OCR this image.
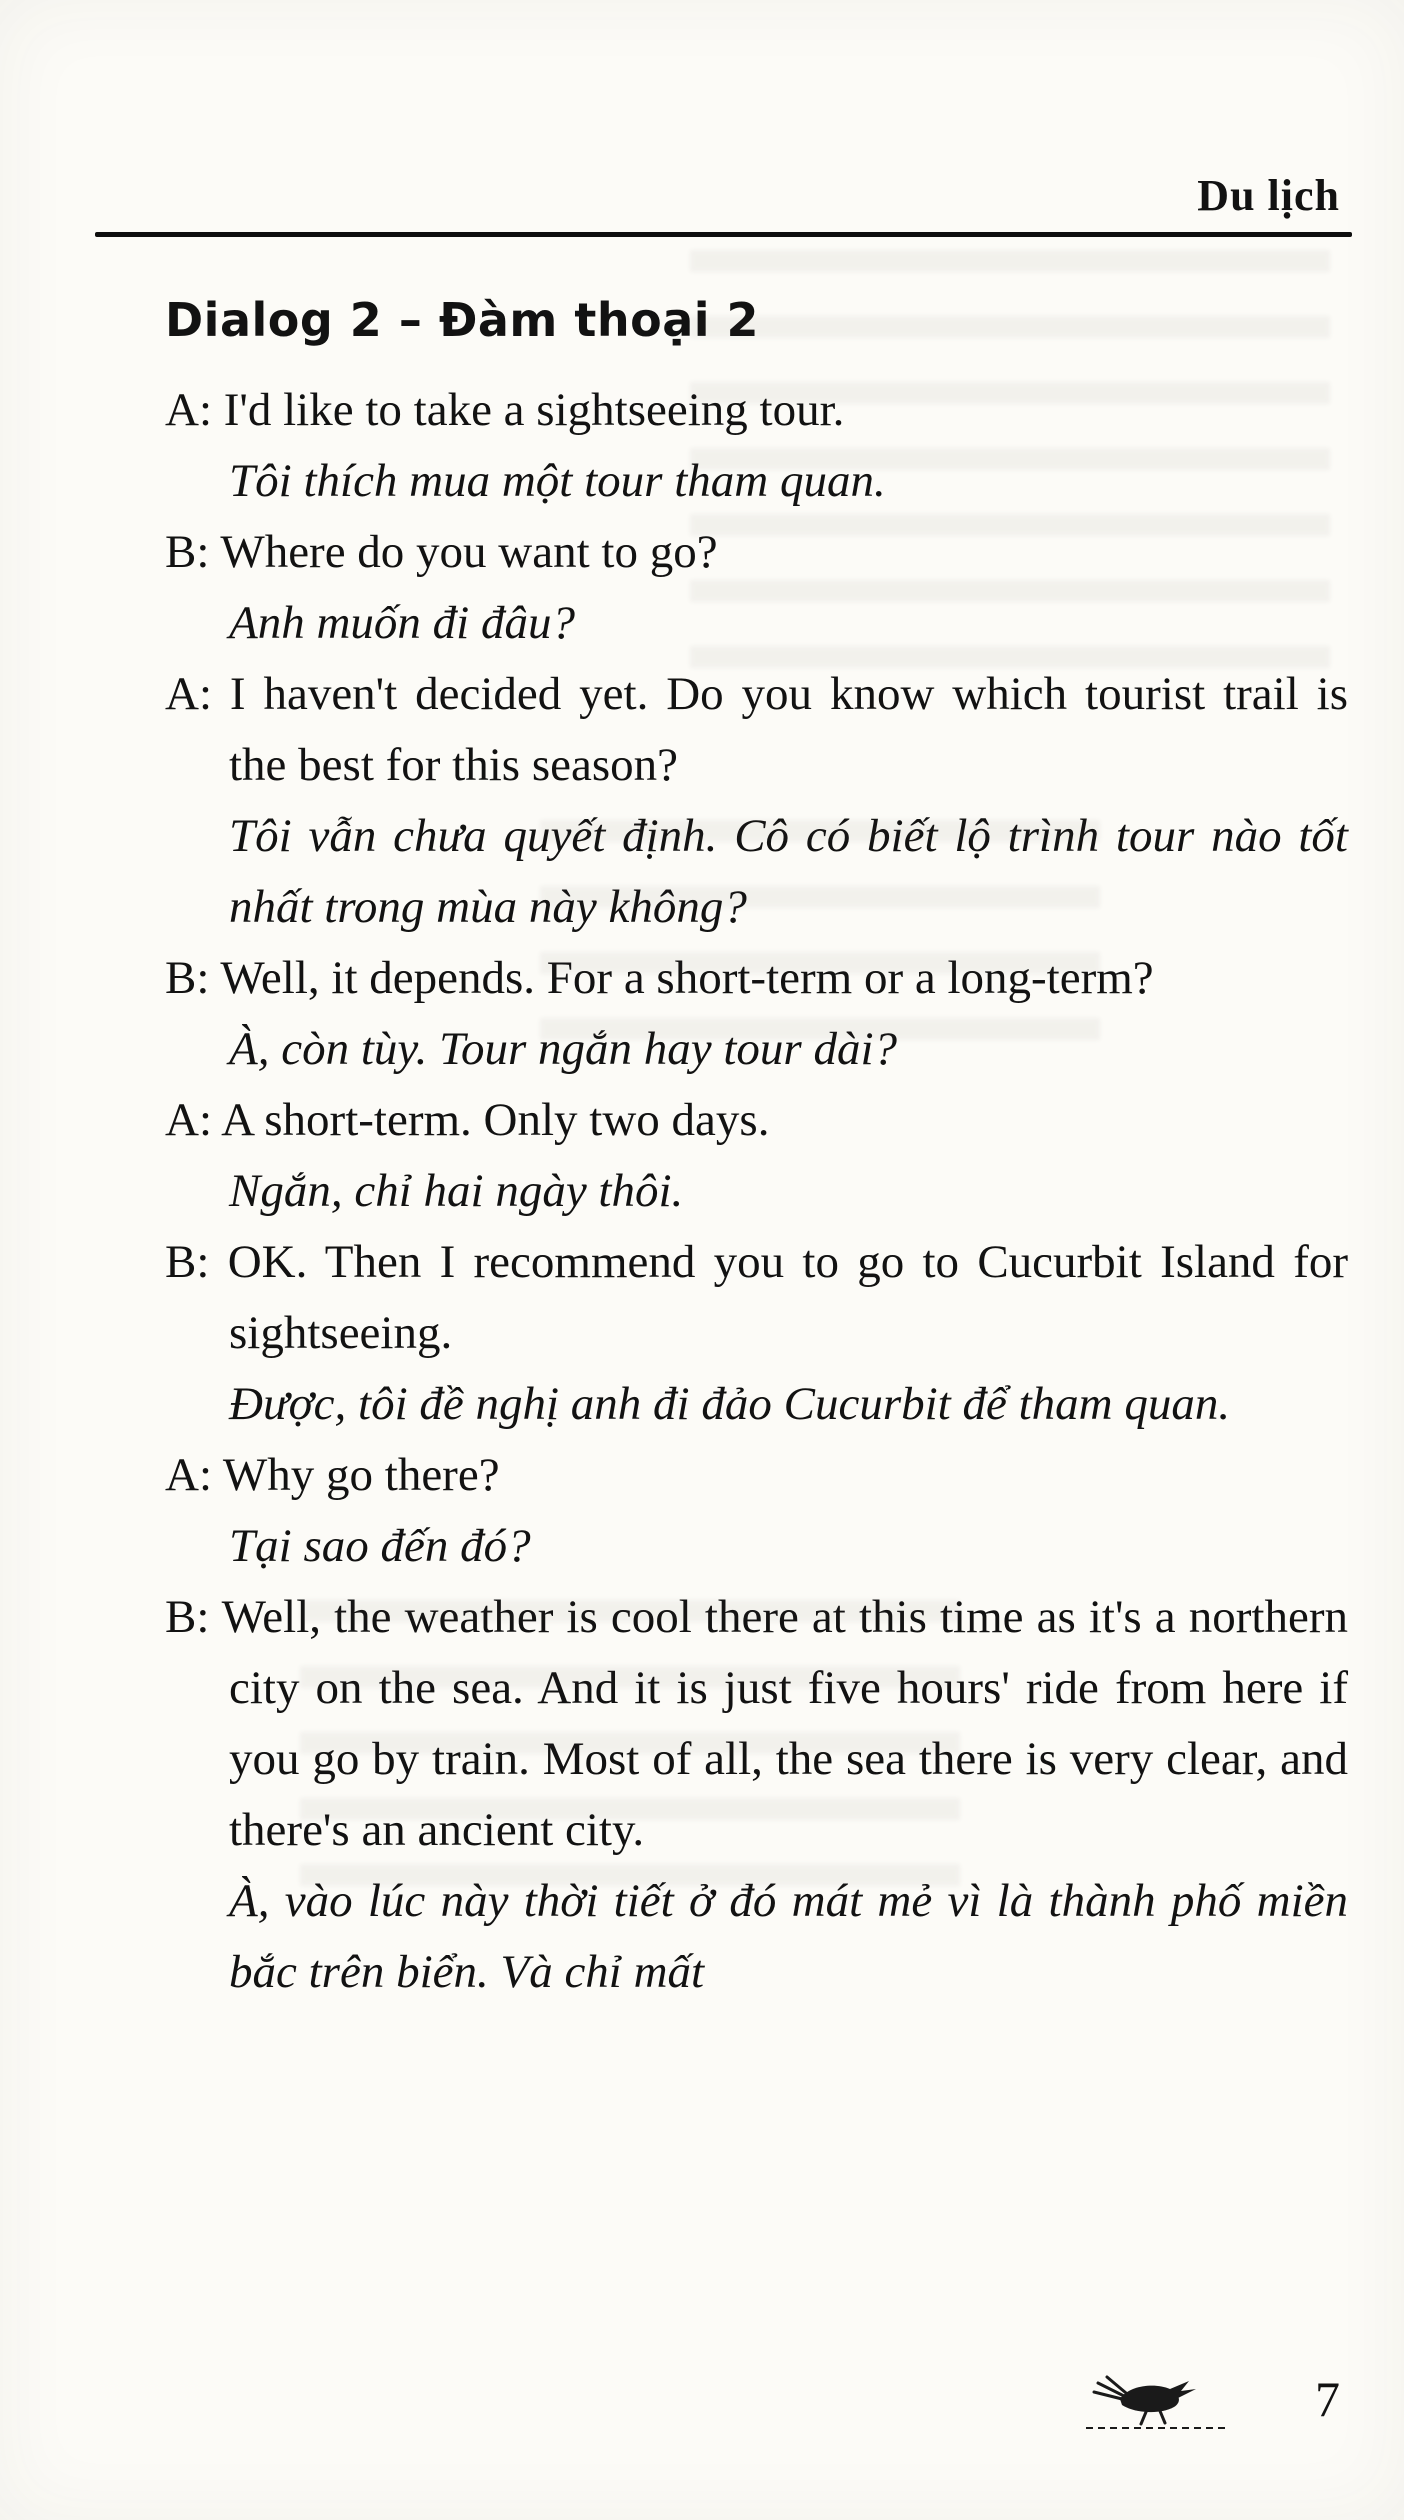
Du lịch
Dialog 2 – Đàm thoại 2

A: I'd like to take a sightseeing tour.

Tôi thích mua một tour tham quan.

B: Where do you want to go?

Anh muốn đi đâu?

A: I haven't decided yet. Do you know which tourist trail is the best for this season?

Tôi vẫn chưa quyết định. Cô có biết lộ trình tour nào tốt nhất trong mùa này không?

B: Well, it depends. For a short-term or a long-term?

À, còn tùy. Tour ngắn hay tour dài?

A: A short-term. Only two days.

Ngắn, chỉ hai ngày thôi.

B: OK. Then I recommend you to go to Cucurbit Island for sightseeing.

Được, tôi đề nghị anh đi đảo Cucurbit để tham quan.

A: Why go there?

Tại sao đến đó?

B: Well, the weather is cool there at this time as it's a northern city on the sea. And it is just five hours' ride from here if you go by train. Most of all, the sea there is very clear, and there's an ancient city.

À, vào lúc này thời tiết ở đó mát mẻ vì là thành phố miền bắc trên biển. Và chỉ mất

7
